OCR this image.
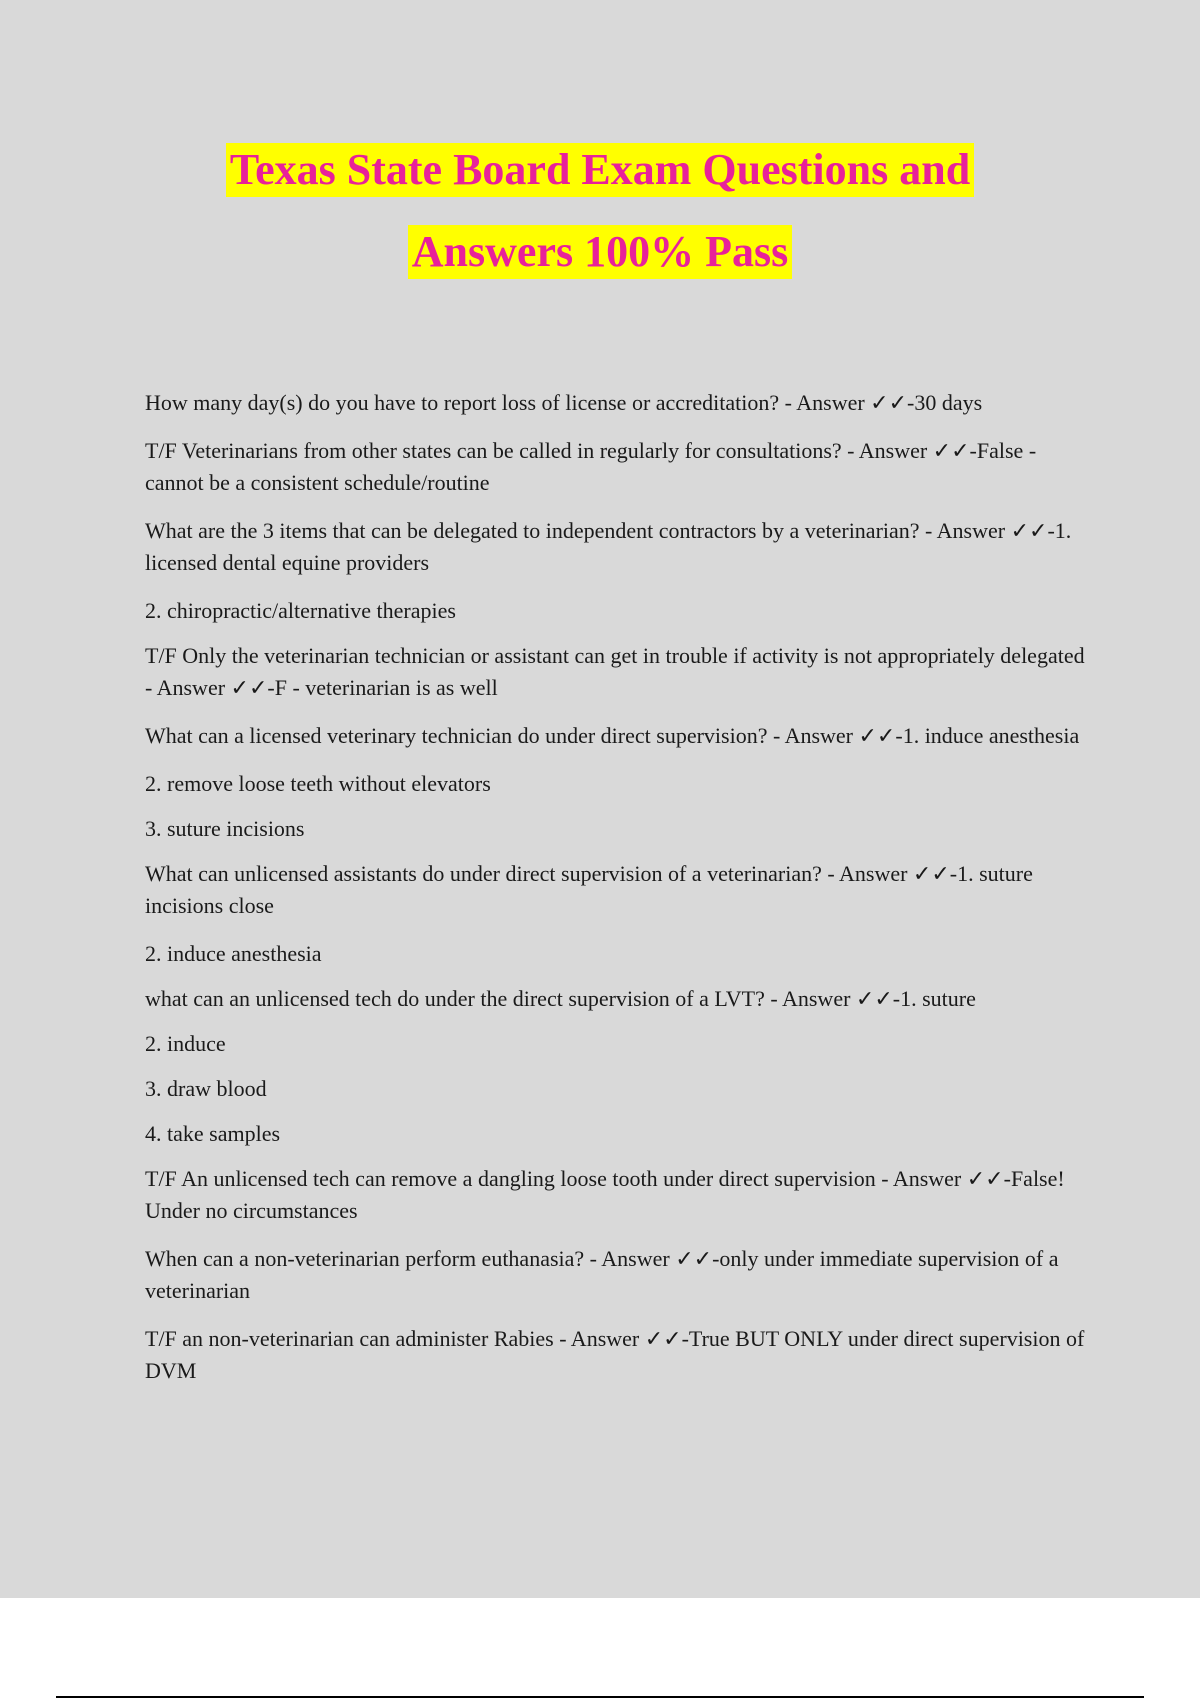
Texas State Board Exam Questions and
Answers 100% Pass

How many day(s) do you have to report loss of license or accreditation? - Answer ✓✓-30 days

T/F Veterinarians from other states can be called in regularly for consultations? - Answer ✓✓-False - cannot be a consistent schedule/routine

What are the 3 items that can be delegated to independent contractors by a veterinarian? - Answer ✓✓-1. licensed dental equine providers

2. chiropractic/alternative therapies

T/F Only the veterinarian technician or assistant can get in trouble if activity is not appropriately delegated - Answer ✓✓-F - veterinarian is as well

What can a licensed veterinary technician do under direct supervision? - Answer ✓✓-1. induce anesthesia

2. remove loose teeth without elevators

3. suture incisions

What can unlicensed assistants do under direct supervision of a veterinarian? - Answer ✓✓-1. suture incisions close

2. induce anesthesia

what can an unlicensed tech do under the direct supervision of a LVT? - Answer ✓✓-1. suture

2. induce

3. draw blood

4. take samples

T/F An unlicensed tech can remove a dangling loose tooth under direct supervision - Answer ✓✓-False! Under no circumstances

When can a non-veterinarian perform euthanasia? - Answer ✓✓-only under immediate supervision of a veterinarian

T/F an non-veterinarian can administer Rabies - Answer ✓✓-True BUT ONLY under direct supervision of DVM
